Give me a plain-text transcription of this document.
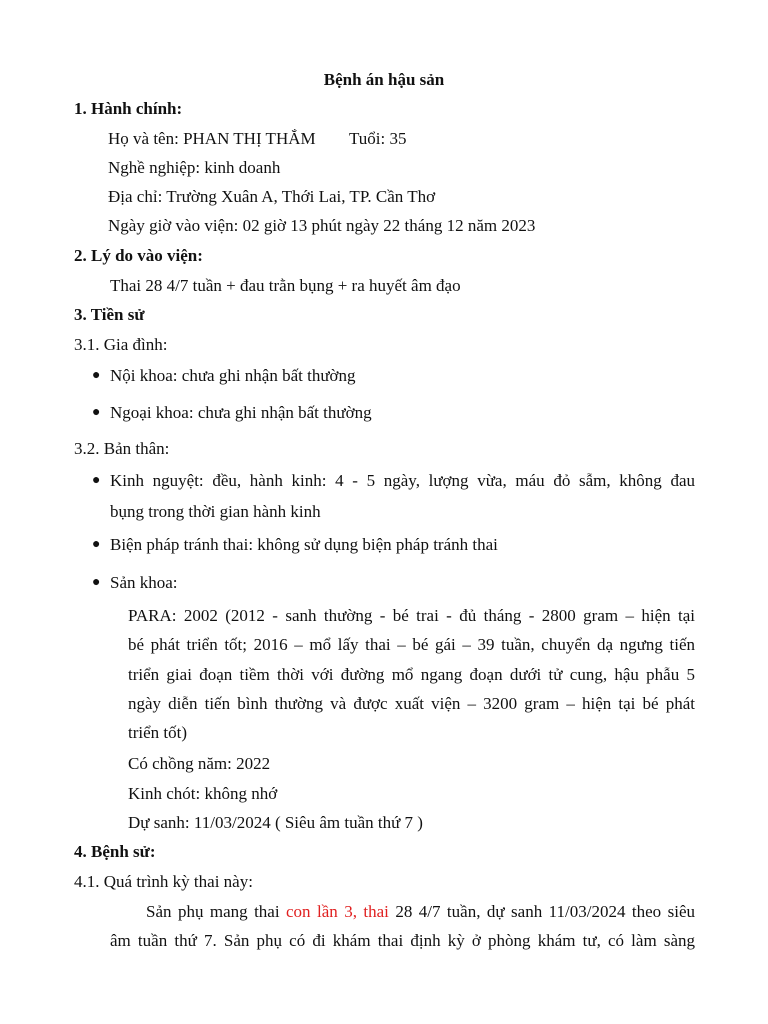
Bệnh án hậu sản
1. Hành chính:
Họ và tên: PHAN THỊ THẮM Tuổi: 35
Nghề nghiệp: kinh doanh
Địa chỉ: Trường Xuân A, Thới Lai, TP. Cần Thơ
Ngày giờ vào viện: 02 giờ 13 phút ngày 22 tháng 12 năm 2023
2. Lý do vào viện:
Thai 28 4/7 tuần + đau trằn bụng + ra huyết âm đạo
3. Tiền sử
3.1. Gia đình:
● Nội khoa: chưa ghi nhận bất thường
● Ngoại khoa: chưa ghi nhận bất thường
3.2. Bản thân:
● Kinh nguyệt: đều, hành kinh: 4 - 5 ngày, lượng vừa, máu đỏ sẫm, không đau
bụng trong thời gian hành kinh
● Biện pháp tránh thai: không sử dụng biện pháp tránh thai
● Sản khoa:
PARA: 2002 (2012 - sanh thường - bé trai - đủ tháng - 2800 gram – hiện tại
bé phát triển tốt; 2016 – mổ lấy thai – bé gái – 39 tuần, chuyển dạ ngưng tiến
triển giai đoạn tiềm thời với đường mổ ngang đoạn dưới tử cung, hậu phẫu 5
ngày diễn tiến bình thường và được xuất viện – 3200 gram – hiện tại bé phát
triển tốt)
Có chồng năm: 2022
Kinh chót: không nhớ
Dự sanh: 11/03/2024 ( Siêu âm tuần thứ 7 )
4. Bệnh sử:
4.1. Quá trình kỳ thai này:
Sản phụ mang thai con lần 3, thai 28 4/7 tuần, dự sanh 11/03/2024 theo siêu
âm tuần thứ 7. Sản phụ có đi khám thai định kỳ ở phòng khám tư, có làm sàng
